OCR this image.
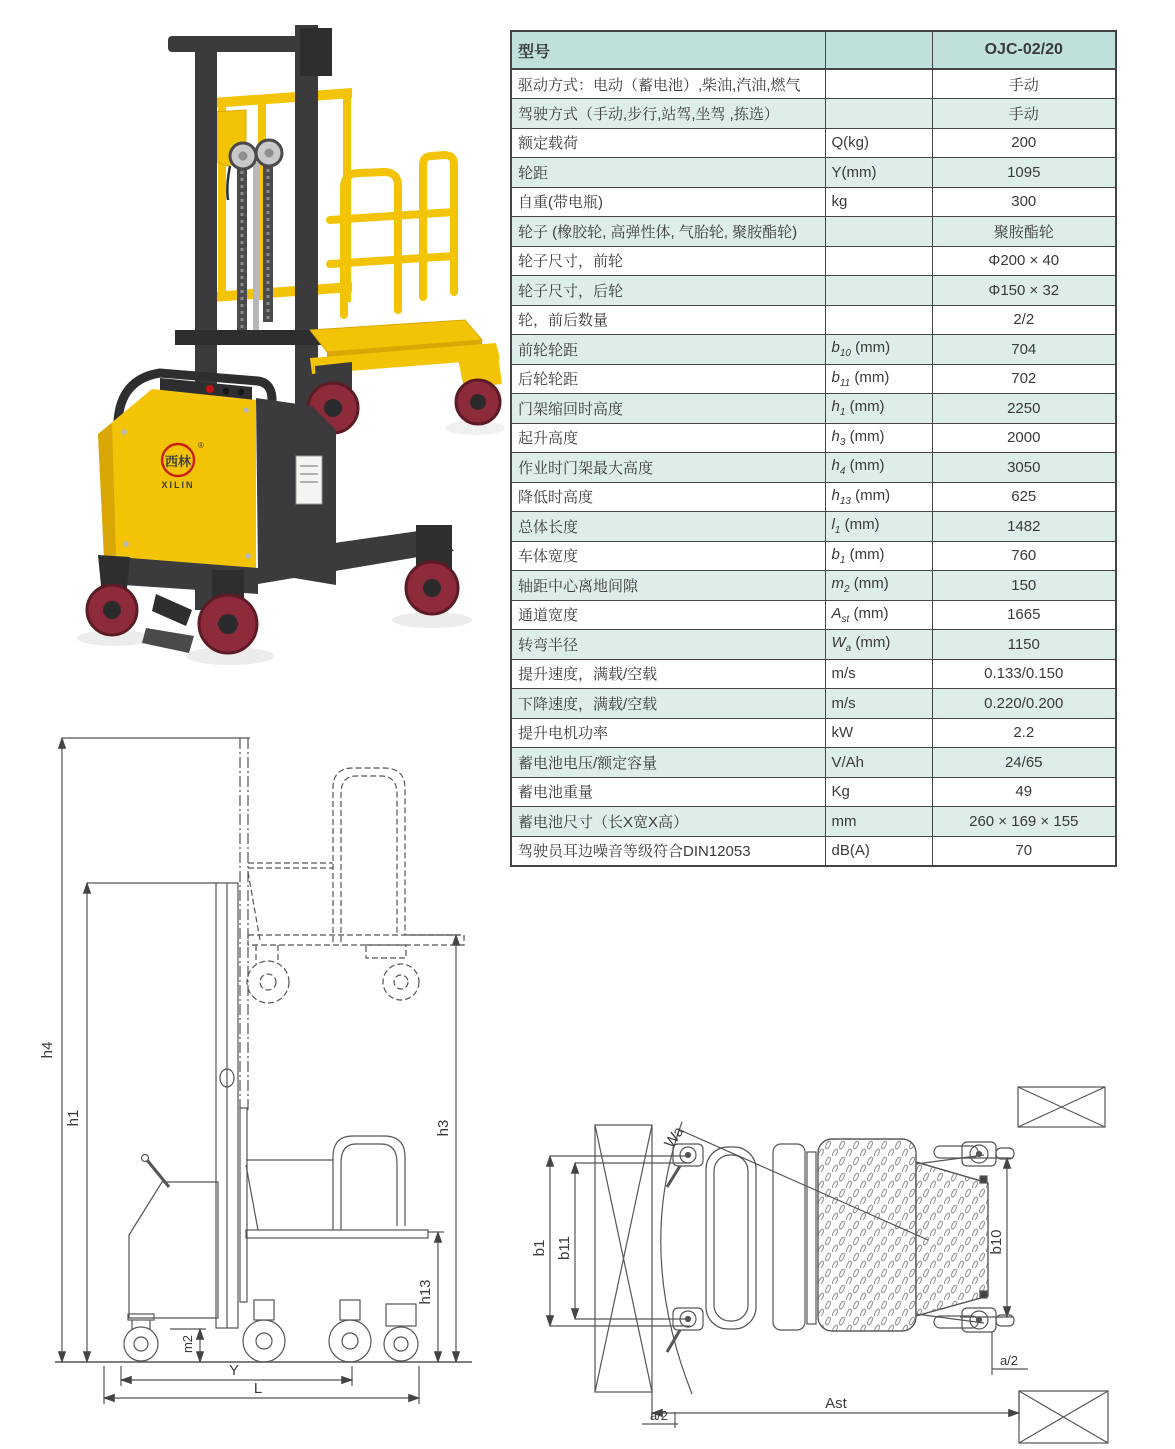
西林
®
XILIN
型号		OJC-02/20
驱动方式：电动（蓄电池）,柴油,汽油,燃气		手动
驾驶方式（手动,步行,站驾,坐驾 ,拣选）		手动
额定载荷	Q(kg)	200
轮距	Y(mm)	1095
自重(带电瓶)	kg	300
轮子 (橡胶轮, 高弹性体, 气胎轮, 聚胺酯轮)		聚胺酯轮
轮子尺寸，前轮		Φ200 × 40
轮子尺寸，后轮		Φ150 × 32
轮，前后数量		2/2
前轮轮距	$b_{10}$ (mm)	704
后轮轮距	$b_{11}$ (mm)	702
门架缩回时高度	$h_1$ (mm)	2250
起升高度	$h_3$ (mm)	2000
作业时门架最大高度	$h_4$ (mm)	3050
降低时高度	$h_{13}$ (mm)	625
总体长度	$l_1$ (mm)	1482
车体宽度	$b_1$ (mm)	760
轴距中心离地间隙	$m_2$ (mm)	150
通道宽度	$A_{st}$ (mm)	1665
转弯半径	$W_a$ (mm)	1150
提升速度，满载/空载	m/s	0.133/0.150
下降速度，满载/空载	m/s	0.220/0.200
提升电机功率	kW	2.2
蓄电池电压/额定容量	V/Ah	24/65
蓄电池重量	Kg	49
蓄电池尺寸（长X宽X高）	mm	260 × 169 × 155
驾驶员耳边噪音等级符合DIN12053	dB(A)	70
h4
h1
h3
h13
m2
Y
L
Wa
b1 b11	b10
a/2
a/2
Ast
